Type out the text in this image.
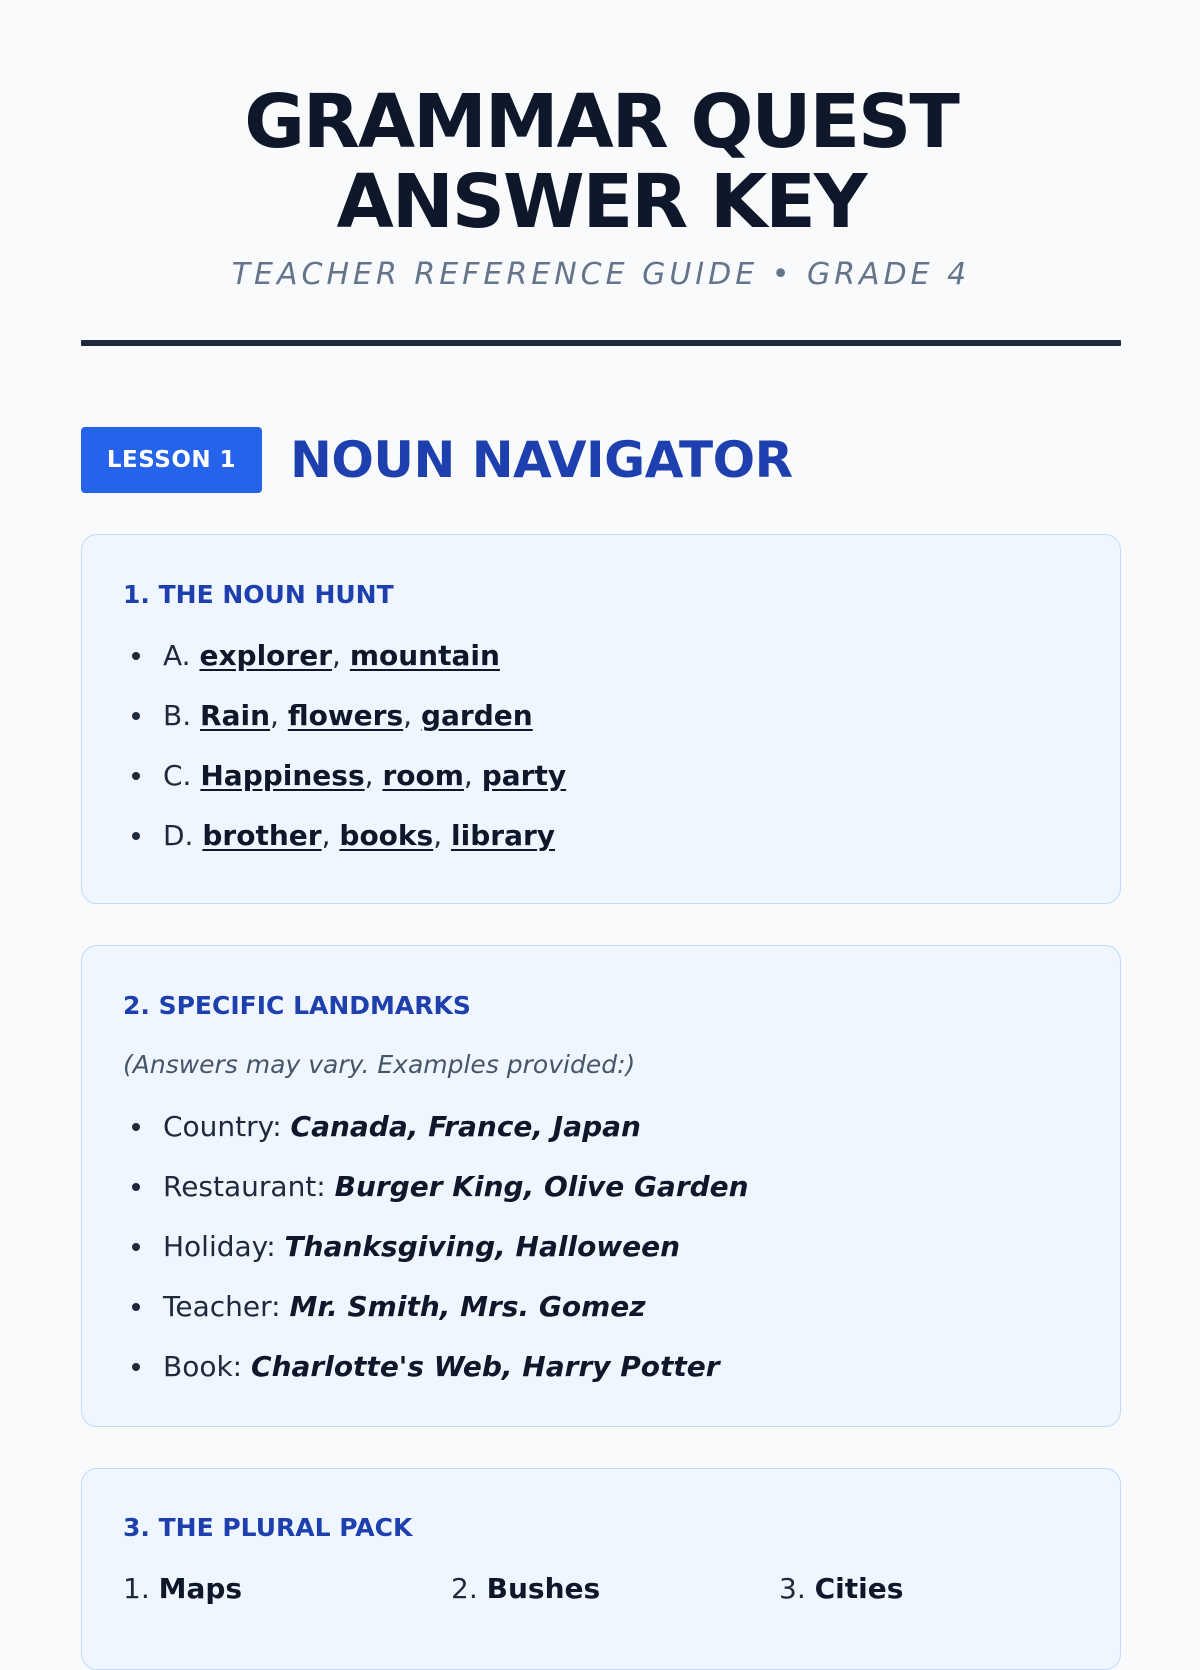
GRAMMAR QUEST
ANSWER KEY
TEACHER REFERENCE GUIDE • GRADE 4
LESSON 1	NOUN NAVIGATOR
1. THE NOUN HUNT
A. explorer, mountain
B. Rain, flowers, garden
C. Happiness, room, party
D. brother, books, library
2. SPECIFIC LANDMARKS
(Answers may vary. Examples provided:)
Country: Canada, France, Japan
Restaurant: Burger King, Olive Garden
Holiday: Thanksgiving, Halloween
Teacher: Mr. Smith, Mrs. Gomez
Book: Charlotte's Web, Harry Potter
3. THE PLURAL PACK
1. Maps	2. Bushes	3. Cities
